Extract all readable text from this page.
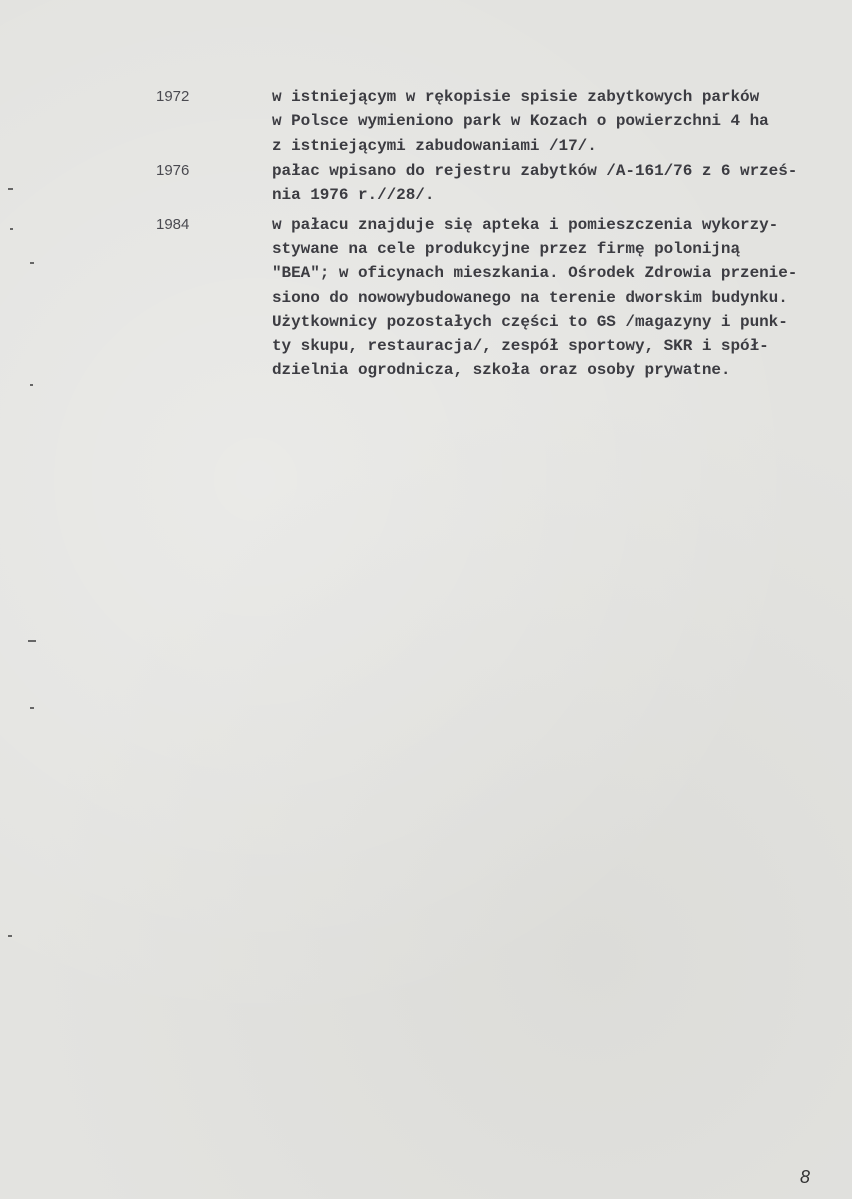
1972	w istniejącym w rękopisie spisie zabytkowych parków
w Polsce wymieniono park w Kozach o powierzchni 4 ha
z istniejącymi zabudowaniami /17/.
1976	pałac wpisano do rejestru zabytków /A-161/76 z 6 wrześ-
nia 1976 r.//28/.
1984	w pałacu znajduje się apteka i pomieszczenia wykorzy-
stywane na cele produkcyjne przez firmę polonijną
"BEA"; w oficynach mieszkania. Ośrodek Zdrowia przenie-
siono do nowowybudowanego na terenie dworskim budynku.
Użytkownicy pozostałych części to GS /magazyny i punk-
ty skupu, restauracja/, zespół sportowy, SKR i spół-
dzielnia ogrodnicza, szkoła oraz osoby prywatne.
8
